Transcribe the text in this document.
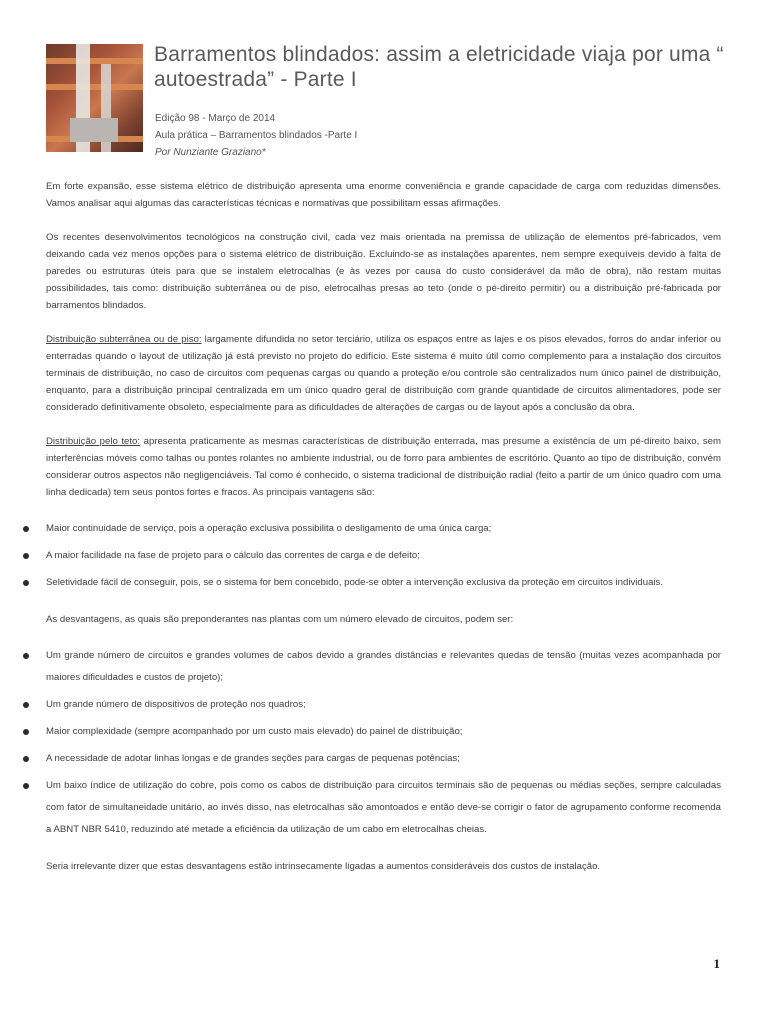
Barramentos blindados: assim a eletricidade viaja por uma “ autoestrada” - Parte I
Edição 98 - Março de 2014
Aula prática – Barramentos blindados -Parte I
Por Nunziante Graziano*

Em forte expansão, esse sistema elétrico de distribuição apresenta uma enorme conveniência e grande capacidade de carga com reduzidas dimensões. Vamos analisar aqui algumas das características técnicas e normativas que possibilitam essas afirmações.

Os recentes desenvolvimentos tecnológicos na construção civil, cada vez mais orientada na premissa de utilização de elementos pré-fabricados, vem deixando cada vez menos opções para o sistema elétrico de distribuição. Excluindo-se as instalações aparentes, nem sempre exequíveis devido à falta de paredes ou estruturas úteis para que se instalem eletrocalhas (e às vezes por causa do custo considerável da mão de obra), não restam muitas possibilidades, tais como: distribuição subterrânea ou de piso, eletrocalhas presas ao teto (onde o pé-direito permitir) ou a distribuição pré-fabricada por barramentos blindados.

Distribuição subterrânea ou de piso: largamente difundida no setor terciário, utiliza os espaços entre as lajes e os pisos elevados, forros do andar inferior ou enterradas quando o layout de utilização já está previsto no projeto do edifício. Este sistema é muito útil como complemento para a instalação dos circuitos terminais de distribuição, no caso de circuitos com pequenas cargas ou quando a proteção e/ou controle são centralizados num único painel de distribuição, enquanto, para a distribuição principal centralizada em um único quadro geral de distribuição com grande quantidade de circuitos alimentadores, pode ser considerado definitivamente obsoleto, especialmente para as dificuldades de alterações de cargas ou de layout após a conclusão da obra.

Distribuição pelo teto: apresenta praticamente as mesmas características de distribuição enterrada, mas presume a existência de um pé-direito baixo, sem interferências móveis como talhas ou pontes rolantes no ambiente industrial, ou de forro para ambientes de escritório. Quanto ao tipo de distribuição, convém considerar outros aspectos não negligenciáveis. Tal como é conhecido, o sistema tradicional de distribuição radial (feito a partir de um único quadro com uma linha dedicada) tem seus pontos fortes e fracos. As principais vantagens são:

Maior continuidade de serviço, pois a operação exclusiva possibilita o desligamento de uma única carga;
A maior facilidade na fase de projeto para o cálculo das correntes de carga e de defeito;
Seletividade fácil de conseguir, pois, se o sistema for bem concebido, pode-se obter a intervenção exclusiva da proteção em circuitos individuais.

As desvantagens, as quais são preponderantes nas plantas com um número elevado de circuitos, podem ser:

Um grande número de circuitos e grandes volumes de cabos devido a grandes distâncias e relevantes quedas de tensão (muitas vezes acompanhada por maiores dificuldades e custos de projeto);
Um grande número de dispositivos de proteção nos quadros;
Maior complexidade (sempre acompanhado por um custo mais elevado) do painel de distribuição;
A necessidade de adotar linhas longas e de grandes seções para cargas de pequenas potências;
Um baixo índice de utilização do cobre, pois como os cabos de distribuição para circuitos terminais são de pequenas ou médias seções, sempre calculadas com fator de simultaneidade unitário, ao invés disso, nas eletrocalhas são amontoados e então deve-se corrigir o fator de agrupamento conforme recomenda a ABNT NBR 5410, reduzindo até metade a eficiência da utilização de um cabo em eletrocalhas cheias.

Seria irrelevante dizer que estas desvantagens estão intrinsecamente ligadas a aumentos consideráveis dos custos de instalação.

1
